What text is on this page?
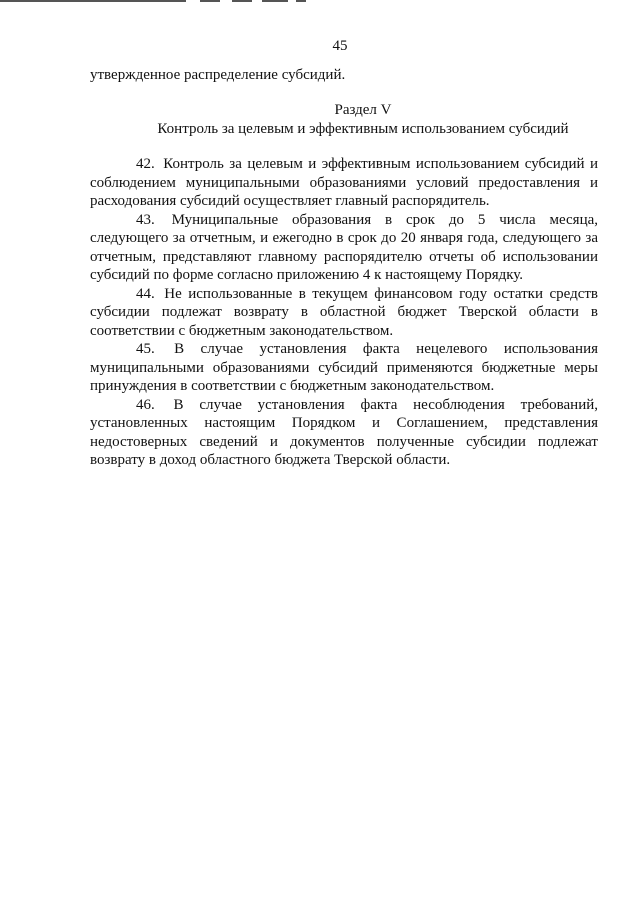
45
утвержденное распределение субсидий.
Раздел V
Контроль за целевым и эффективным использованием субсидий

42. Контроль за целевым и эффективным использованием субсидий и соблюдением муниципальными образованиями условий предоставления и расходования субсидий осуществляет главный распорядитель.

43. Муниципальные образования в срок до 5 числа месяца, следующего за отчетным, и ежегодно в срок до 20 января года, следующего за отчетным, представляют главному распорядителю отчеты об использовании субсидий по форме согласно приложению 4 к настоящему Порядку.

44. Не использованные в текущем финансовом году остатки средств субсидии подлежат возврату в областной бюджет Тверской области в соответствии с бюджетным законодательством.

45. В случае установления факта нецелевого использования муниципальными образованиями субсидий применяются бюджетные меры принуждения в соответствии с бюджетным законодательством.

46. В случае установления факта несоблюдения требований, установленных настоящим Порядком и Соглашением, представления недостоверных сведений и документов полученные субсидии подлежат возврату в доход областного бюджета Тверской области.
